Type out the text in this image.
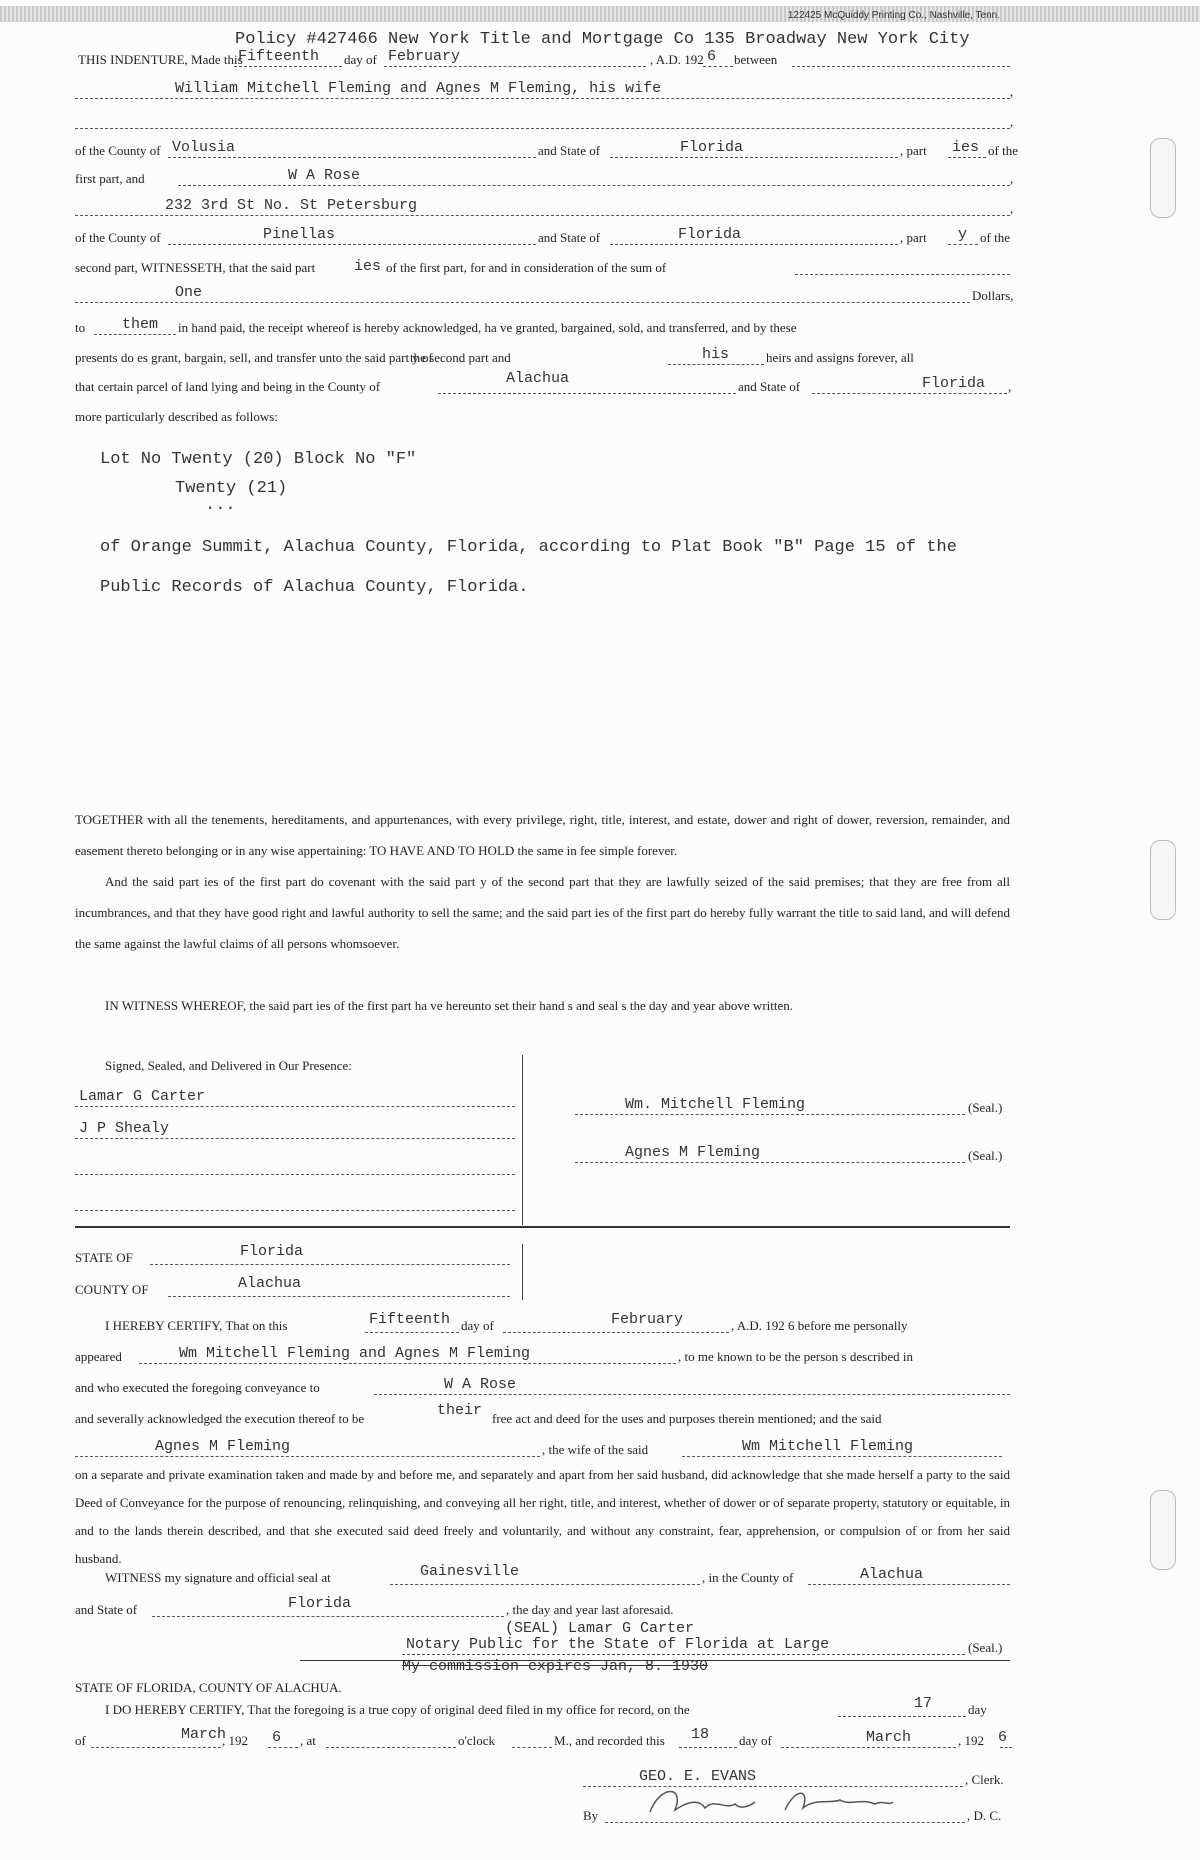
122425 McQuiddy Printing Co., Nashville, Tenn.
Policy #427466 New York Title and Mortgage Co 135 Broadway New York City
THIS INDENTURE, Made this
Fifteenth day of February	, A.D. 192 6 between
William Mitchell Fleming and Agnes M Fleming, his wife	,
,
of the County of Volusia	and State of	Florida	, part ies of the
first part, and	W A Rose	,
232 3rd St No. St Petersburg	,
of the County of	Pinellas	and State of	Florida	, part y of the
second part, WITNESSETH, that the said part	ies of the first part, for and in consideration of the sum of
One	Dollars,
to them in hand paid, the receipt whereof is hereby acknowledged, ha ve granted, bargained, sold, and transferred, and by these
presents do es grant, bargain, sell, and transfer unto the said part y of
the second part and	his	heirs and assigns forever, all
that certain parcel of land lying and being in the County of	Alachua	and State of	Florida ,
more particularly described as follows:
Lot No Twenty (20) Block No "F"
Twenty (21)
...
of Orange Summit, Alachua County, Florida, according to Plat Book "B" Page 15 of the
Public Records of Alachua County, Florida.
TOGETHER with all the tenements, hereditaments, and appurtenances, with every privilege, right, title, interest, and estate, dower and right of dower, reversion, remainder, and easement thereto belonging or in any wise appertaining: TO HAVE AND TO HOLD the same in fee simple forever.
And the said part ies of the first part do covenant with the said part y of the second part that they are lawfully seized of the said premises; that they are free from all incumbrances, and that they have good right and lawful authority to sell the same; and the said part ies of the first part do hereby fully warrant the title to said land, and will defend the same against the lawful claims of all persons whomsoever.
IN WITNESS WHEREOF, the said part ies of the first part ha ve hereunto set their hand s and seal s the day and year above written.
Signed, Sealed, and Delivered in Our Presence:
Lamar G Carter
J P Shealy
Wm. Mitchell Fleming	(Seal.)
Agnes M Fleming	(Seal.)
STATE OF	Florida
COUNTY OF	Alachua
I HEREBY CERTIFY, That on this	Fifteenth day of	February	, A.D. 192 6 before me personally
appeared	Wm Mitchell Fleming and Agnes M Fleming	, to me known to be the person s described in
and who executed the foregoing conveyance to	W A Rose
and severally acknowledged the execution thereof to be	their free act and deed for the uses and purposes therein mentioned; and the said
Agnes M Fleming	, the wife of the said	Wm Mitchell Fleming
on a separate and private examination taken and made by and before me, and separately and apart from her said husband, did acknowledge that she made herself a party to the said Deed of Conveyance for the purpose of renouncing, relinquishing, and conveying all her right, title, and interest, whether of dower or of separate property, statutory or equitable, in and to the lands therein described, and that she executed said deed freely and voluntarily, and without any constraint, fear, apprehension, or compulsion of or from her said husband.
WITNESS my signature and official seal at	Gainesville	, in the County of	Alachua
and State of	Florida	, the day and year last aforesaid.
(SEAL) Lamar G Carter
Notary Public for the State of Florida at Large	(Seal.)
My commission expires Jan, 8. 1930
STATE OF FLORIDA, COUNTY OF ALACHUA.
I DO HEREBY CERTIFY, That the foregoing is a true copy of original deed filed in my office for record, on the	17	day
of	March
, 192 6 , at	o'clock	M., and recorded this 18 day of	March	, 192 6
GEO. E. EVANS	, Clerk.
By	, D. C.
